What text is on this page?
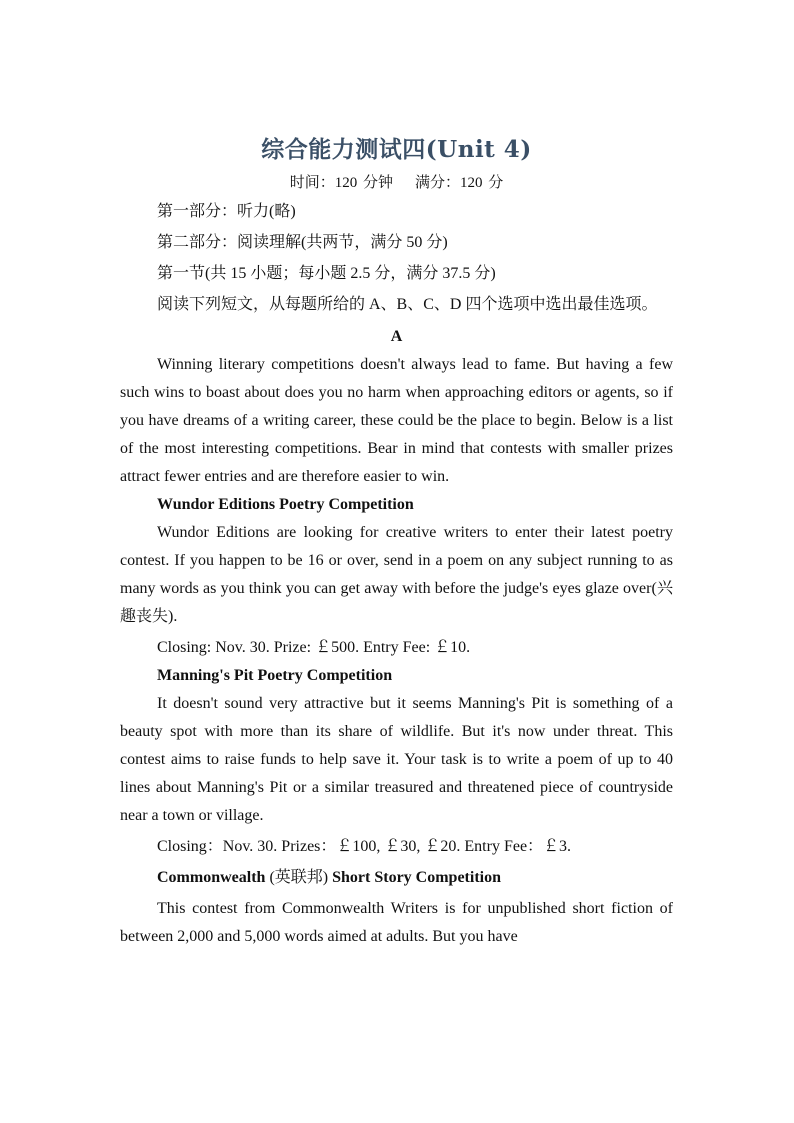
综合能力测试四(Unit 4)
时间：120 分钟 满分：120 分

第一部分：听力(略)

第二部分：阅读理解(共两节，满分 50 分)

第一节(共 15 小题；每小题 2.5 分，满分 37.5 分)

阅读下列短文，从每题所给的 A、B、C、D 四个选项中选出最佳选项。

A

Winning literary competitions doesn't always lead to fame. But having a few such wins to boast about does you no harm when approaching editors or agents, so if you have dreams of a writing career, these could be the place to begin. Below is a list of the most interesting competitions. Bear in mind that contests with smaller prizes attract fewer entries and are therefore easier to win.

Wundor Editions Poetry Competition

Wundor Editions are looking for creative writers to enter their latest poetry contest. If you happen to be 16 or over, send in a poem on any subject running to as many words as you think you can get away with before the judge's eyes glaze over(兴趣丧失).

Closing: Nov. 30. Prize: ￡500. Entry Fee: ￡10.

Manning's Pit Poetry Competition

It doesn't sound very attractive but it seems Manning's Pit is something of a beauty spot with more than its share of wildlife. But it's now under threat. This contest aims to raise funds to help save it. Your task is to write a poem of up to 40 lines about Manning's Pit or a similar treasured and threatened piece of countryside near a town or village.

Closing：Nov. 30. Prizes：￡100, ￡30, ￡20. Entry Fee：￡3.

Commonwealth (英联邦) Short Story Competition

This contest from Commonwealth Writers is for unpublished short fiction of between 2,000 and 5,000 words aimed at adults. But you have
